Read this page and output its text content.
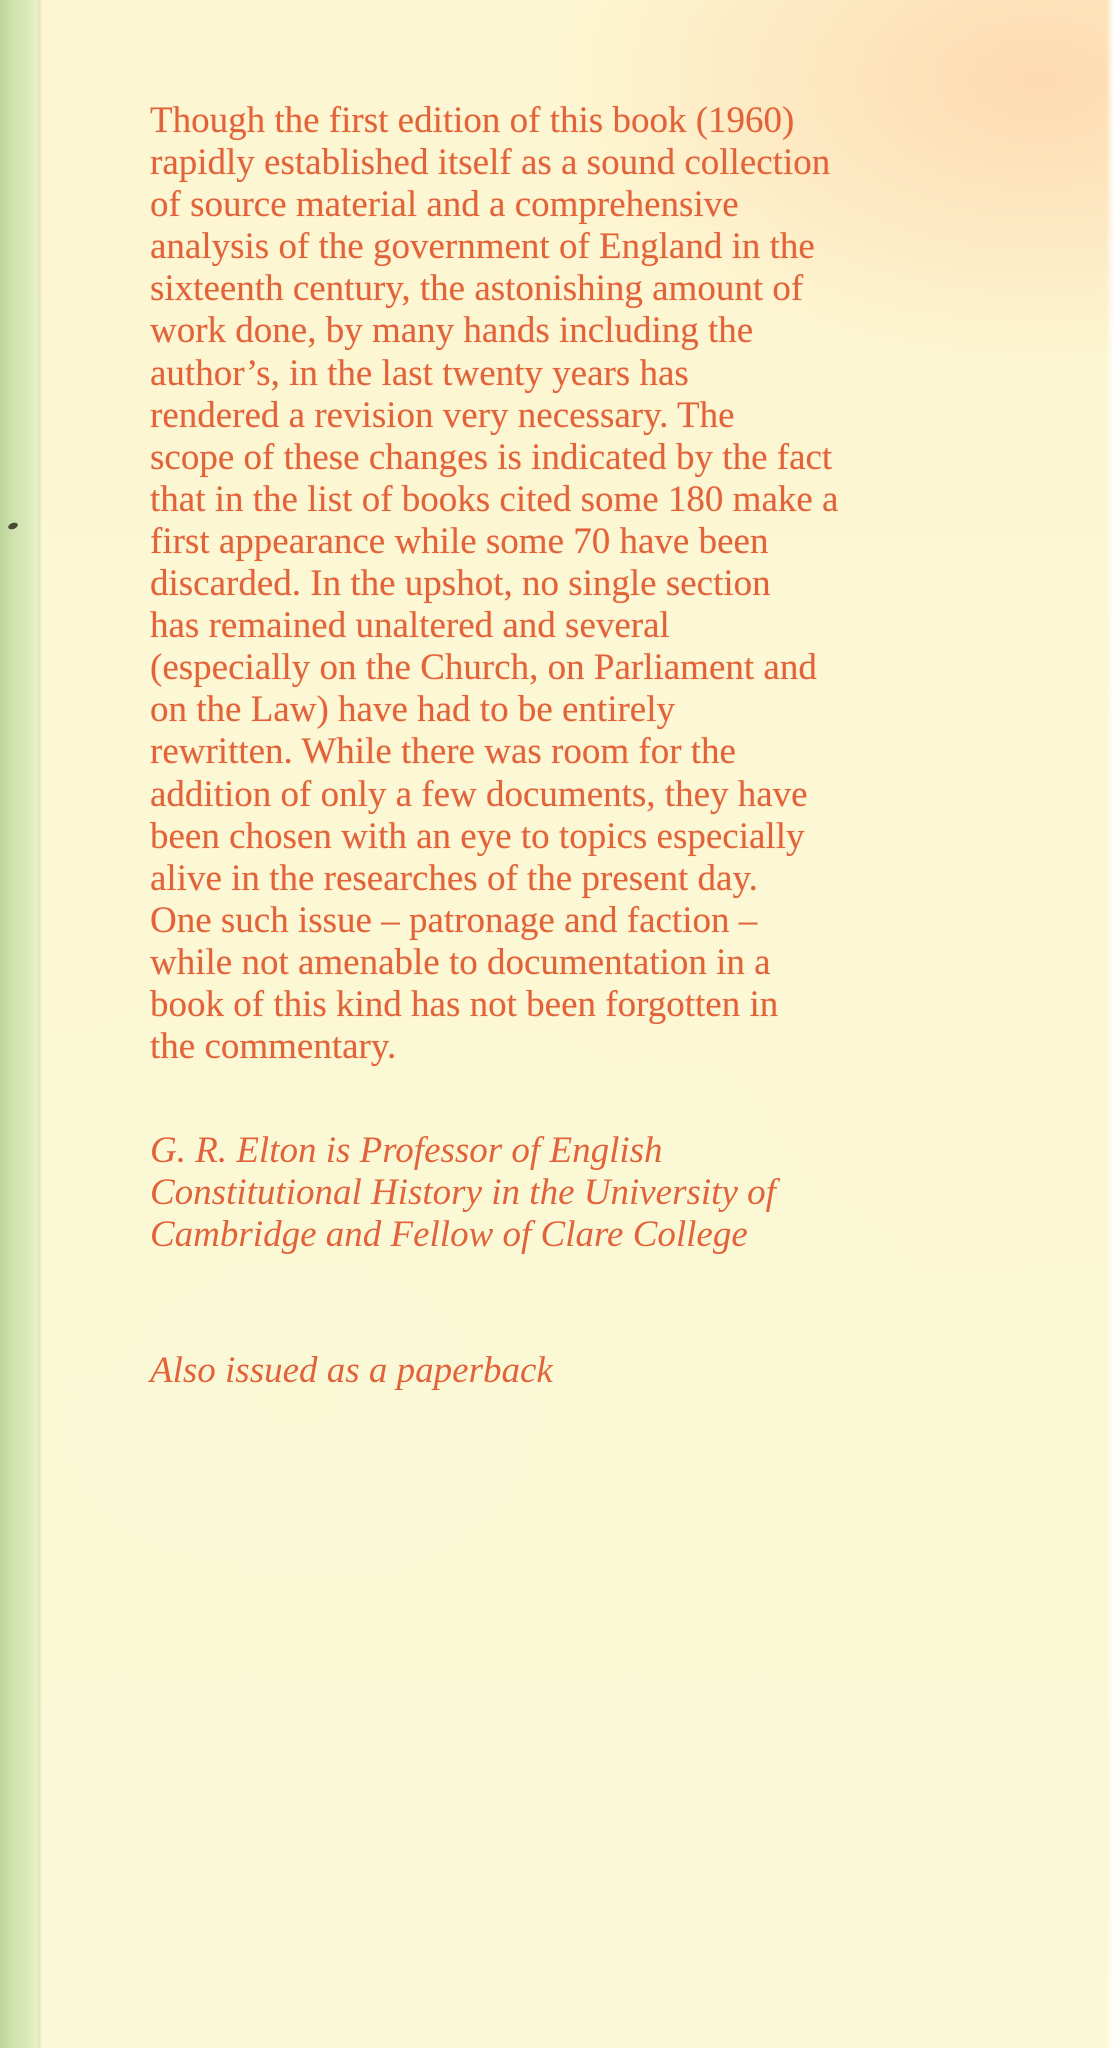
Though the first edition of this book (1960)
rapidly established itself as a sound collection
of source material and a comprehensive
analysis of the government of England in the
sixteenth century, the astonishing amount of
work done, by many hands including the
author’s, in the last twenty years has
rendered a revision very necessary. The
scope of these changes is indicated by the fact
that in the list of books cited some 180 make a
first appearance while some 70 have been
discarded. In the upshot, no single section
has remained unaltered and several
(especially on the Church, on Parliament and
on the Law) have had to be entirely
rewritten. While there was room for the
addition of only a few documents, they have
been chosen with an eye to topics especially
alive in the researches of the present day.
One such issue – patronage and faction –
while not amenable to documentation in a
book of this kind has not been forgotten in
the commentary.

G. R. Elton is Professor of English
Constitutional History in the University of
Cambridge and Fellow of Clare College

Also issued as a paperback
